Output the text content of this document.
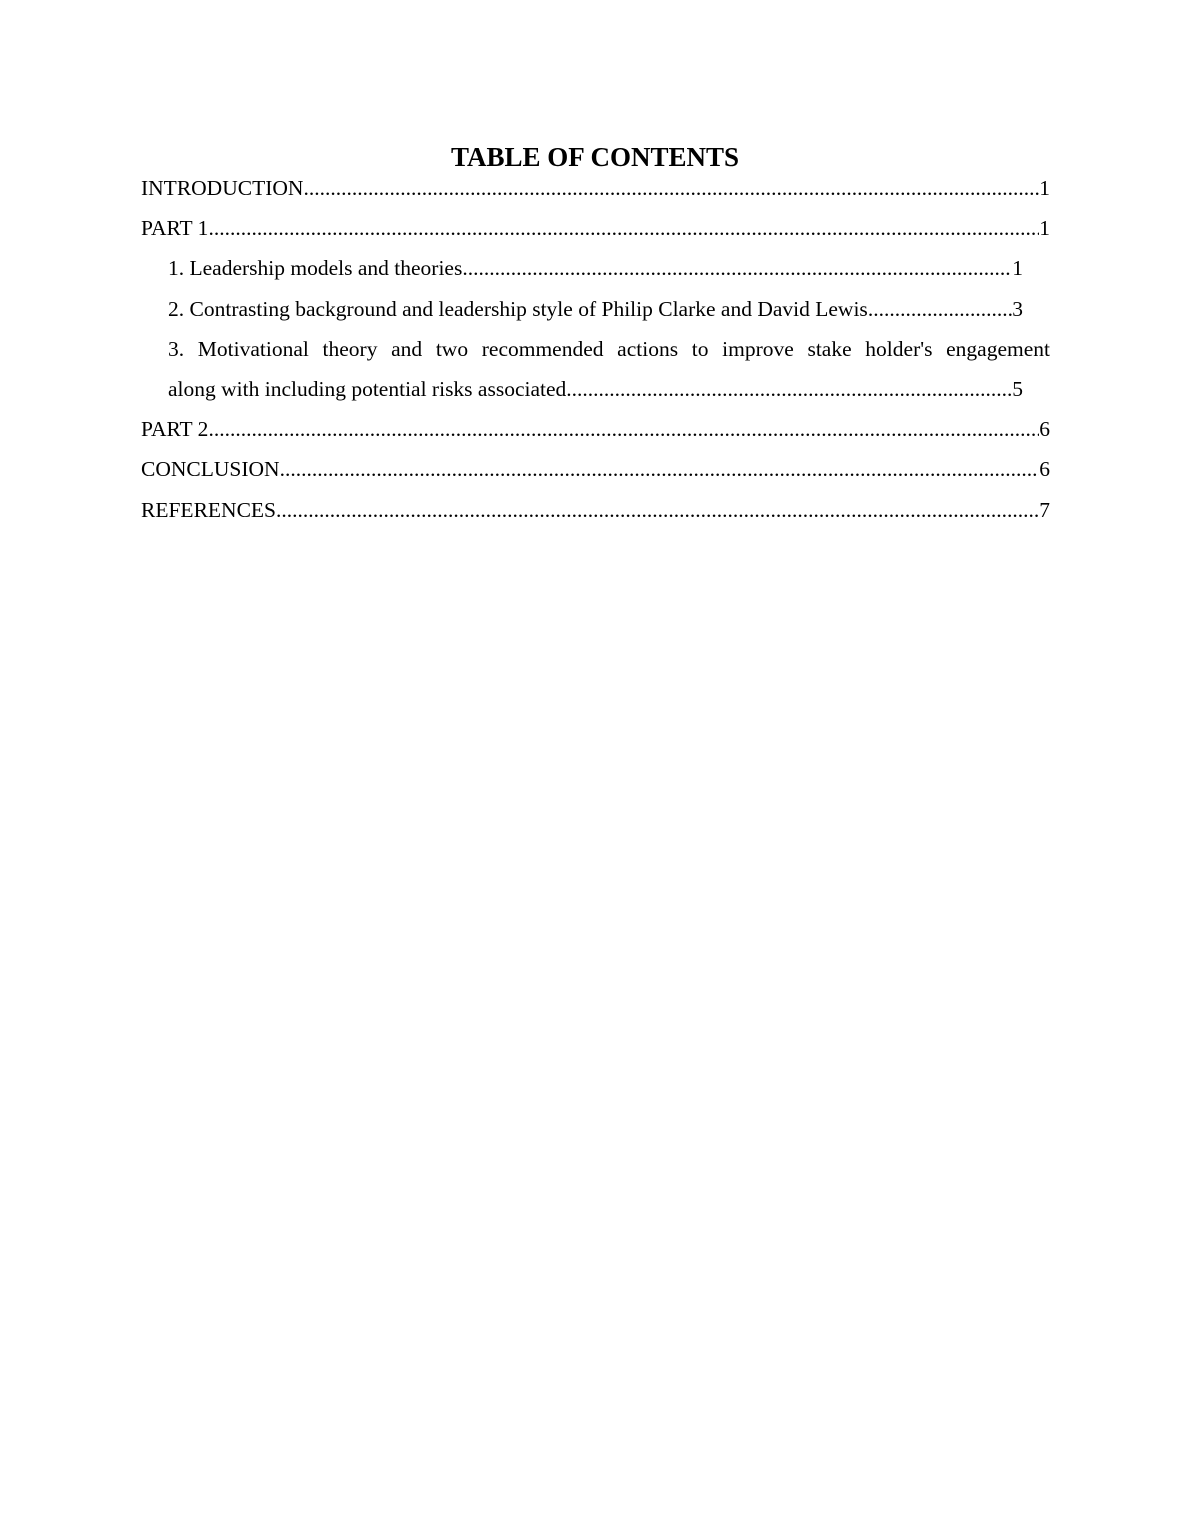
TABLE OF CONTENTS
INTRODUCTION .....	1
PART 1 .....	1
1. Leadership models and theories .....	1
2. Contrasting background and leadership style of Philip Clarke and David Lewis .....	3
3. Motivational theory and two recommended actions to improve stake holder's engagement
along with including potential risks associated .....	5
PART 2 .....	6
CONCLUSION .....	6
REFERENCES .....	7
